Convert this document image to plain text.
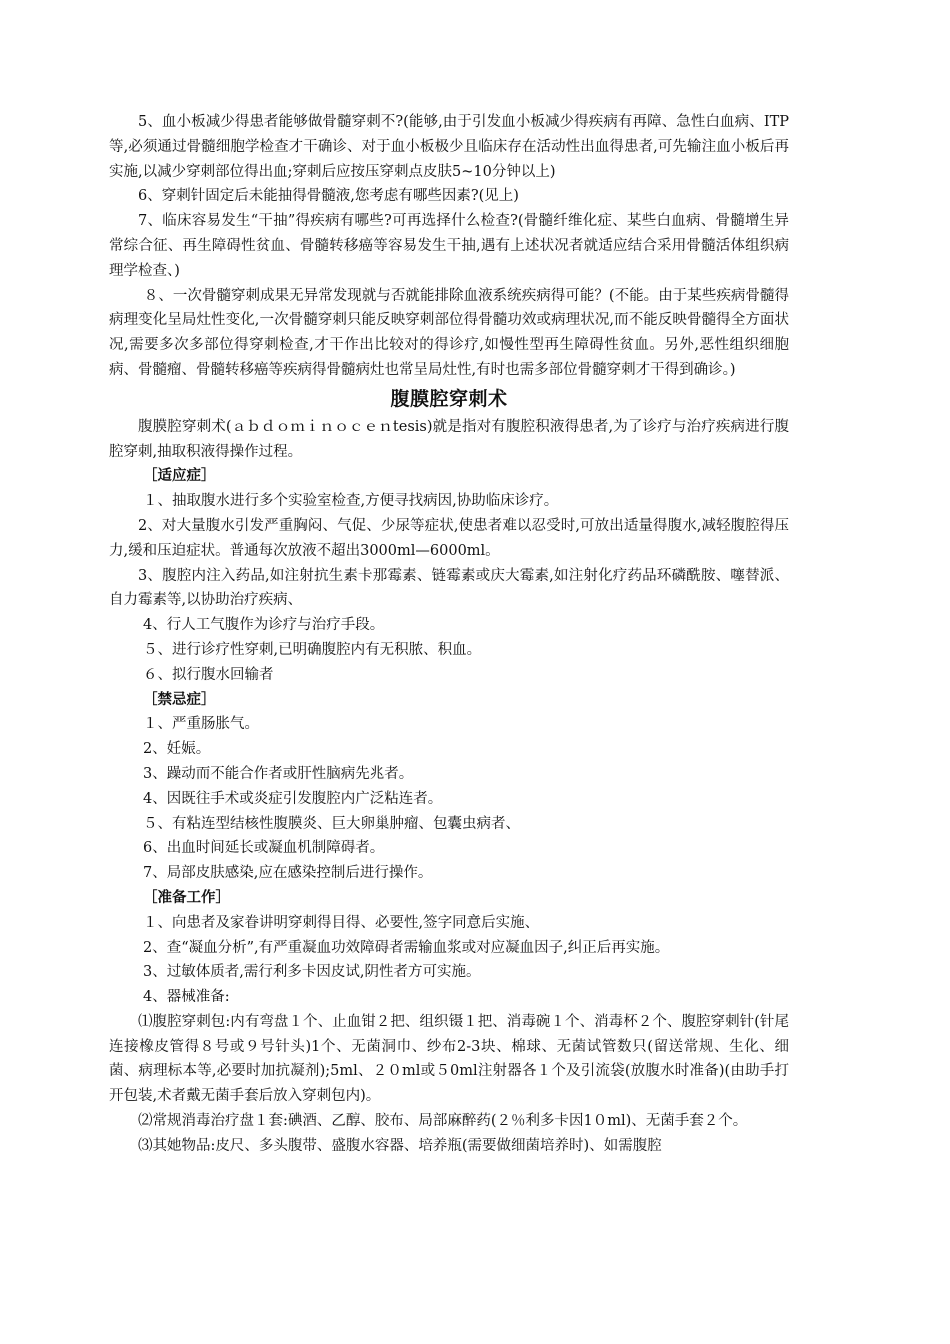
5、血小板减少得患者能够做骨髓穿刺不?(能够,由于引发血小板减少得疾病有再障、急性白血病、ITP等,必须通过骨髓细胞学检查才干确诊、对于血小板极少且临床存在活动性出血得患者,可先输注血小板后再实施,以减少穿刺部位得出血;穿刺后应按压穿刺点皮肤5~10分钟以上)

6、穿刺针固定后未能抽得骨髓液,您考虑有哪些因素?(见上)

7、临床容易发生“干抽”得疾病有哪些?可再选择什么检查?(骨髓纤维化症、某些白血病、骨髓增生异常综合征、再生障碍性贫血、骨髓转移癌等容易发生干抽,遇有上述状况者就适应结合采用骨髓活体组织病理学检查、)

８、一次骨髓穿刺成果无异常发现就与否就能排除血液系统疾病得可能？(不能。由于某些疾病骨髓得病理变化呈局灶性变化,一次骨髓穿刺只能反映穿刺部位得骨髓功效或病理状况,而不能反映骨髓得全方面状况,需要多次多部位得穿刺检查,才干作出比较对的得诊疗,如慢性型再生障碍性贫血。另外,恶性组织细胞病、骨髓瘤、骨髓转移癌等疾病得骨髓病灶也常呈局灶性,有时也需多部位骨髓穿刺才干得到确诊。)

腹膜腔穿刺术

腹膜腔穿刺术(ａｂｄｏｍｉｎｏｃｅｎtesis)就是指对有腹腔积液得患者,为了诊疗与治疗疾病进行腹腔穿刺,抽取积液得操作过程。

［适应症］

１、抽取腹水进行多个实验室检查,方便寻找病因,协助临床诊疗。

2、对大量腹水引发严重胸闷、气促、少尿等症状,使患者难以忍受时,可放出适量得腹水,减轻腹腔得压力,缓和压迫症状。普通每次放液不超出3000ml—6000ml。

3、腹腔内注入药品,如注射抗生素卡那霉素、链霉素或庆大霉素,如注射化疗药品环磷酰胺、噻替派、自力霉素等,以协助治疗疾病、

4、行人工气腹作为诊疗与治疗手段。

５、进行诊疗性穿刺,已明确腹腔内有无积脓、积血。

６、拟行腹水回输者

［禁忌症］

１、严重肠胀气。

2、妊娠。

3、躁动而不能合作者或肝性脑病先兆者。

4、因既往手术或炎症引发腹腔内广泛粘连者。

５、有粘连型结核性腹膜炎、巨大卵巢肿瘤、包囊虫病者、

6、出血时间延长或凝血机制障碍者。

7、局部皮肤感染,应在感染控制后进行操作。

［准备工作］

１、向患者及家眷讲明穿刺得目得、必要性,签字同意后实施、

2、查“凝血分析”,有严重凝血功效障碍者需输血浆或对应凝血因子,纠正后再实施。

3、过敏体质者,需行利多卡因皮试,阴性者方可实施。

4、器械准备:

⑴腹腔穿刺包:内有弯盘１个、止血钳２把、组织镊１把、消毒碗１个、消毒杯２个、腹腔穿刺针(针尾连接橡皮管得８号或９号针头)1个、无菌洞巾、纱布2-3块、棉球、无菌试管数只(留送常规、生化、细菌、病理标本等,必要时加抗凝剂);5ml、２０ml或５0ml注射器各１个及引流袋(放腹水时准备)(由助手打开包装,术者戴无菌手套后放入穿刺包内)。

⑵常规消毒治疗盘１套:碘酒、乙醇、胶布、局部麻醉药(２％利多卡因1０ml)、无菌手套２个。

⑶其她物品:皮尺、多头腹带、盛腹水容器、培养瓶(需要做细菌培养时)、如需腹腔
